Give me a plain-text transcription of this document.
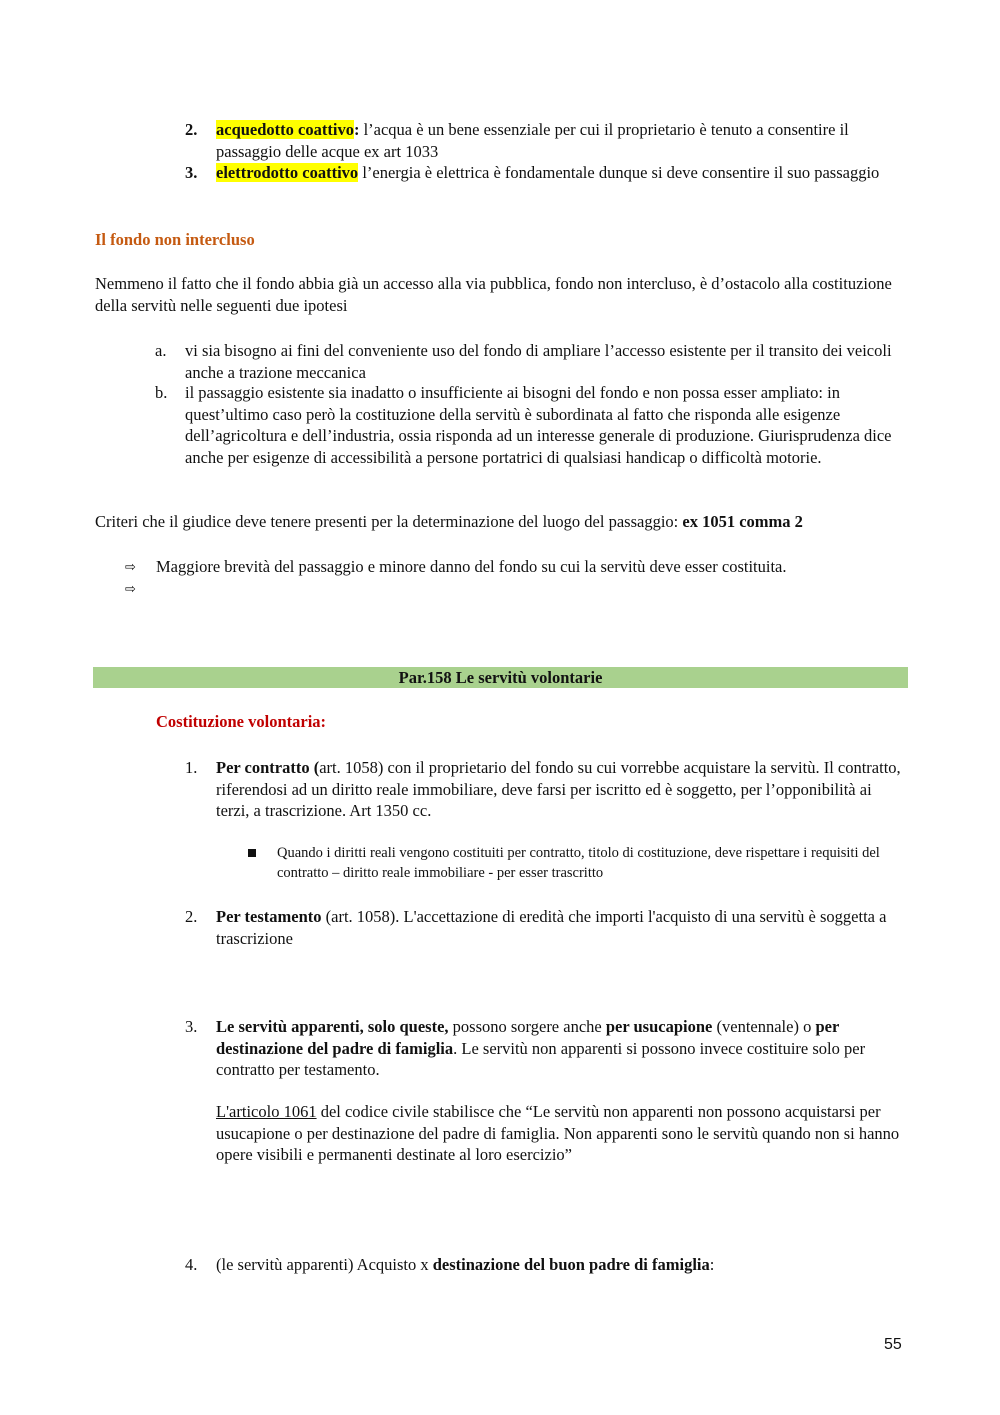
2. acquedotto coattivo: l’acqua è un bene essenziale per cui il proprietario è tenuto a consentire il passaggio delle acque ex art 1033
3. elettrodotto coattivo l’energia è elettrica è fondamentale dunque si deve consentire il suo passaggio
Il fondo non intercluso
Nemmeno il fatto che il fondo abbia già un accesso alla via pubblica, fondo non intercluso, è d’ostacolo alla costituzione della servitù nelle seguenti due ipotesi
a. vi sia bisogno ai fini del conveniente uso del fondo di ampliare l’accesso esistente per il transito dei veicoli anche a trazione meccanica
b. il passaggio esistente sia inadatto o insufficiente ai bisogni del fondo e non possa esser ampliato: in quest’ultimo caso però la costituzione della servitù è subordinata al fatto che risponda alle esigenze dell’agricoltura e dell’industria, ossia risponda ad un interesse generale di produzione. Giurisprudenza dice anche per esigenze di accessibilità a persone portatrici di qualsiasi handicap o difficoltà motorie.
Criteri che il giudice deve tenere presenti per la determinazione del luogo del passaggio: ex 1051 comma 2
⇨ Maggiore brevità del passaggio e minore danno del fondo su cui la servitù deve esser costituita.
⇨
Par.158 Le servitù volontarie
Costituzione volontaria:
1. Per contratto (art. 1058) con il proprietario del fondo su cui vorrebbe acquistare la servitù. Il contratto, riferendosi ad un diritto reale immobiliare, deve farsi per iscritto ed è soggetto, per l’opponibilità ai terzi, a trascrizione. Art 1350 cc.
Quando i diritti reali vengono costituiti per contratto, titolo di costituzione, deve rispettare i requisiti del contratto – diritto reale immobiliare - per esser trascritto
2. Per testamento (art. 1058). L'accettazione di eredità che importi l'acquisto di una servitù è soggetta a trascrizione
3. Le servitù apparenti, solo queste, possono sorgere anche per usucapione (ventennale) o per destinazione del padre di famiglia. Le servitù non apparenti si possono invece costituire solo per contratto per testamento.
L'articolo 1061 del codice civile stabilisce che “Le servitù non apparenti non possono acquistarsi per usucapione o per destinazione del padre di famiglia. Non apparenti sono le servitù quando non si hanno opere visibili e permanenti destinate al loro esercizio”
4. (le servitù apparenti) Acquisto x destinazione del buon padre di famiglia:
55
